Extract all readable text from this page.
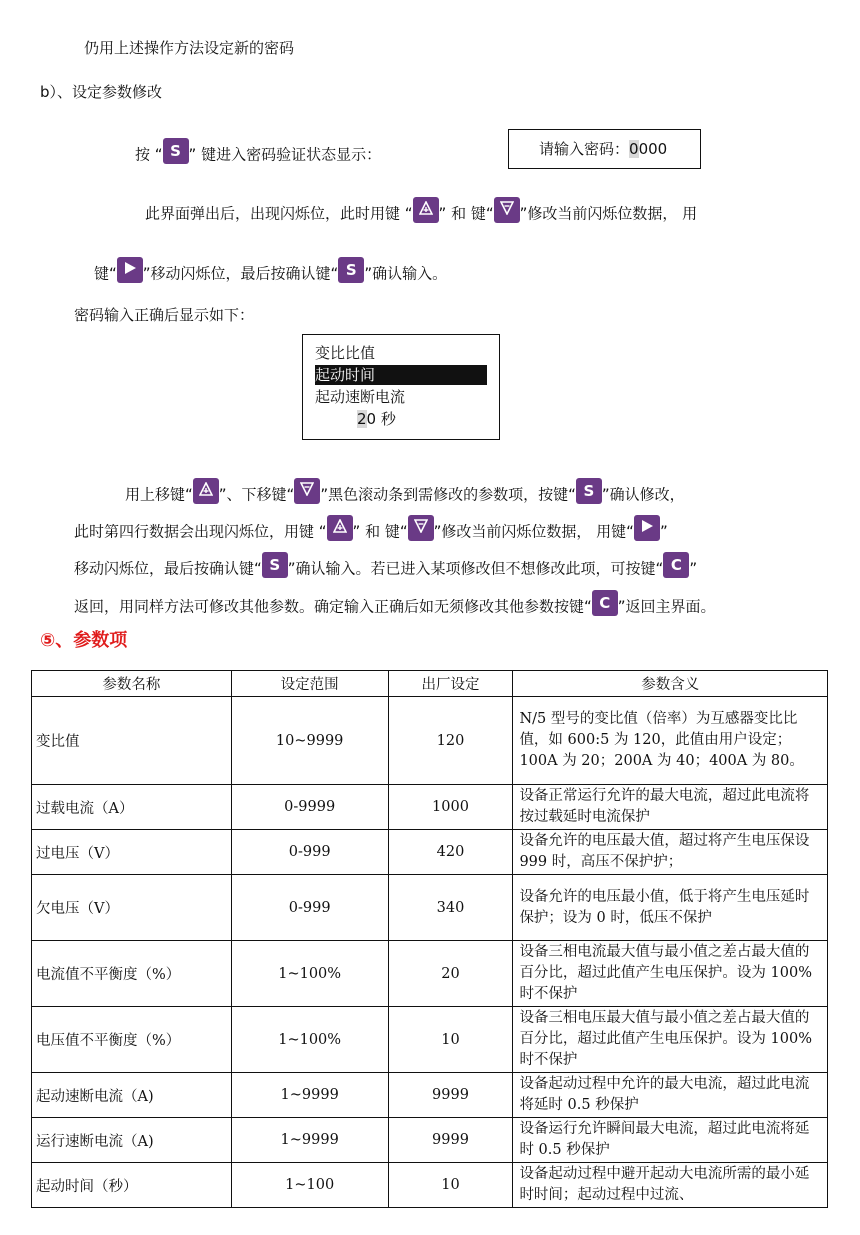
仍用上述操作方法设定新的密码
b）、设定参数修改
按 “ S ” 键进入密码验证状态显示：	请输入密码：0000
此界面弹出后，出现闪烁位，此时用键 “ ” 和 键“ ”修改当前闪烁位数据， 用
键“ ”移动闪烁位，最后按确认键“ S ”确认输入。
密码输入正确后显示如下：
变比比值
起动时间
起动速断电流
20 秒
用上移键“ ”、下移键“ ”黑色滚动条到需修改的参数项，按键“ S ”确认修改，
此时第四行数据会出现闪烁位，用键 “ ” 和 键“ ”修改当前闪烁位数据， 用键“ ”
移动闪烁位，最后按确认键“ S ”确认输入。若已进入某项修改但不想修改此项，可按键“ C ”
返回，用同样方法可修改其他参数。确定输入正确后如无须修改其他参数按键“ C ”返回主界面。
⑤、参数项
参数名称	设定范围	出厂设定	参数含义
变比值	10~9999	120	N/5 型号的变比值（倍率）为互感器变比比值，如 600:5 为 120，此值由用户设定；100A 为 20；200A 为 40；400A 为 80。
过载电流（A）	0-9999	1000	设备正常运行允许的最大电流，超过此电流将按过载延时电流保护
过电压（V）	0-999	420	设备允许的电压最大值，超过将产生电压保设 999 时，高压不保护护；
欠电压（V）	0-999	340	设备允许的电压最小值，低于将产生电压延时保护；设为 0 时，低压不保护
电流值不平衡度（%）	1~100%	20	设备三相电流最大值与最小值之差占最大值的百分比，超过此值产生电压保护。设为 100%时不保护
电压值不平衡度（%）	1~100%	10	设备三相电压最大值与最小值之差占最大值的百分比，超过此值产生电压保护。设为 100%时不保护
起动速断电流（A)	1~9999	9999	设备起动过程中允许的最大电流，超过此电流将延时 0.5 秒保护
运行速断电流（A)	1~9999	9999	设备运行允许瞬间最大电流，超过此电流将延时 0.5 秒保护
起动时间（秒）	1~100	10	设备起动过程中避开起动大电流所需的最小延时时间；起动过程中过流、
